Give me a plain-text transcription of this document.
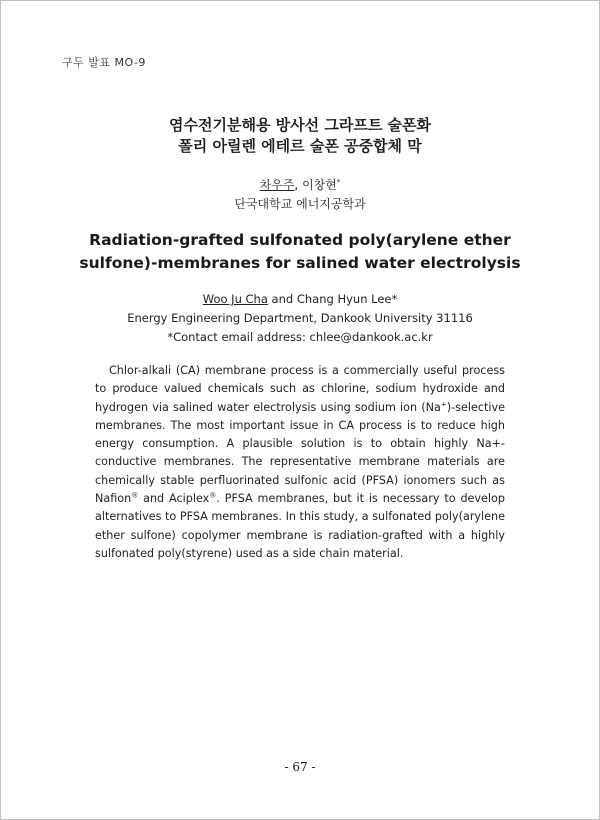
구두 발표 MO-9
염수전기분해용 방사선 그라프트 술폰화
폴리 아릴렌 에테르 술폰 공중합체 막
차우주, 이창현*
단국대학교 에너지공학과
Radiation-grafted sulfonated poly(arylene ether
sulfone)-membranes for salined water electrolysis
Woo Ju Cha and Chang Hyun Lee*
Energy Engineering Department, Dankook University 31116
*Contact email address: chlee@dankook.ac.kr
Chlor-alkali (CA) membrane process is a commercially useful process to produce valued chemicals such as chlorine, sodium hydroxide and hydrogen via salined water electrolysis using sodium ion (Na+)-selective membranes. The most important issue in CA process is to reduce high energy consumption. A plausible solution is to obtain highly Na+-conductive membranes. The representative membrane materials are chemically stable perfluorinated sulfonic acid (PFSA) ionomers such as Nafion® and Aciplex®. PFSA membranes, but it is necessary to develop alternatives to PFSA membranes. In this study, a sulfonated poly(arylene ether sulfone) copolymer membrane is radiation-grafted with a highly sulfonated poly(styrene) used as a side chain material.
- 67 -
